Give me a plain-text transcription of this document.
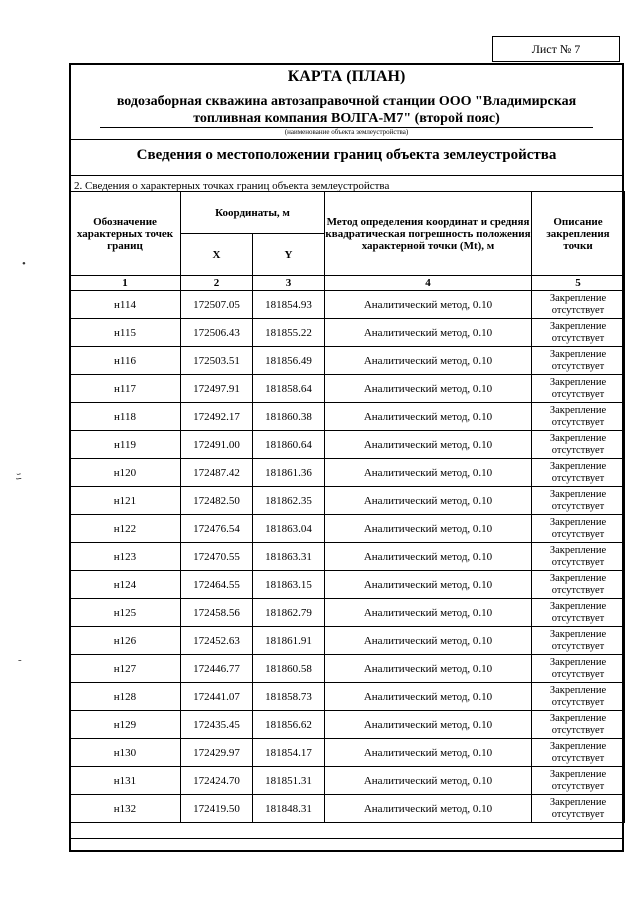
Лист № 7
КАРТА (ПЛАН)
водозаборная скважина автозаправочной станции ООО "Владимирская
топливная компания ВОЛГА-М7" (второй пояс)
(наименование объекта землеустройства)
Сведения о местоположении границ объекта землеустройства
2. Сведения о характерных точках границ объекта землеустройства
Обозначение характерных точек границ	Координаты, м		Метод определения координат и средняя квадратическая погрешность положения характерной точки (Mt), м	Описание закрепления точки
	X	Y		
1	2	3	4	5
н114	172507.05	181854.93	Аналитический метод, 0.10	Закрепление отсутствует
н115	172506.43	181855.22	Аналитический метод, 0.10	Закрепление отсутствует
н116	172503.51	181856.49	Аналитический метод, 0.10	Закрепление отсутствует
н117	172497.91	181858.64	Аналитический метод, 0.10	Закрепление отсутствует
н118	172492.17	181860.38	Аналитический метод, 0.10	Закрепление отсутствует
н119	172491.00	181860.64	Аналитический метод, 0.10	Закрепление отсутствует
н120	172487.42	181861.36	Аналитический метод, 0.10	Закрепление отсутствует
н121	172482.50	181862.35	Аналитический метод, 0.10	Закрепление отсутствует
н122	172476.54	181863.04	Аналитический метод, 0.10	Закрепление отсутствует
н123	172470.55	181863.31	Аналитический метод, 0.10	Закрепление отсутствует
н124	172464.55	181863.15	Аналитический метод, 0.10	Закрепление отсутствует
н125	172458.56	181862.79	Аналитический метод, 0.10	Закрепление отсутствует
н126	172452.63	181861.91	Аналитический метод, 0.10	Закрепление отсутствует
н127	172446.77	181860.58	Аналитический метод, 0.10	Закрепление отсутствует
н128	172441.07	181858.73	Аналитический метод, 0.10	Закрепление отсутствует
н129	172435.45	181856.62	Аналитический метод, 0.10	Закрепление отсутствует
н130	172429.97	181854.17	Аналитический метод, 0.10	Закрепление отсутствует
н131	172424.70	181851.31	Аналитический метод, 0.10	Закрепление отсутствует
н132	172419.50	181848.31	Аналитический метод, 0.10	Закрепление отсутствует
•
ﾆ
-
